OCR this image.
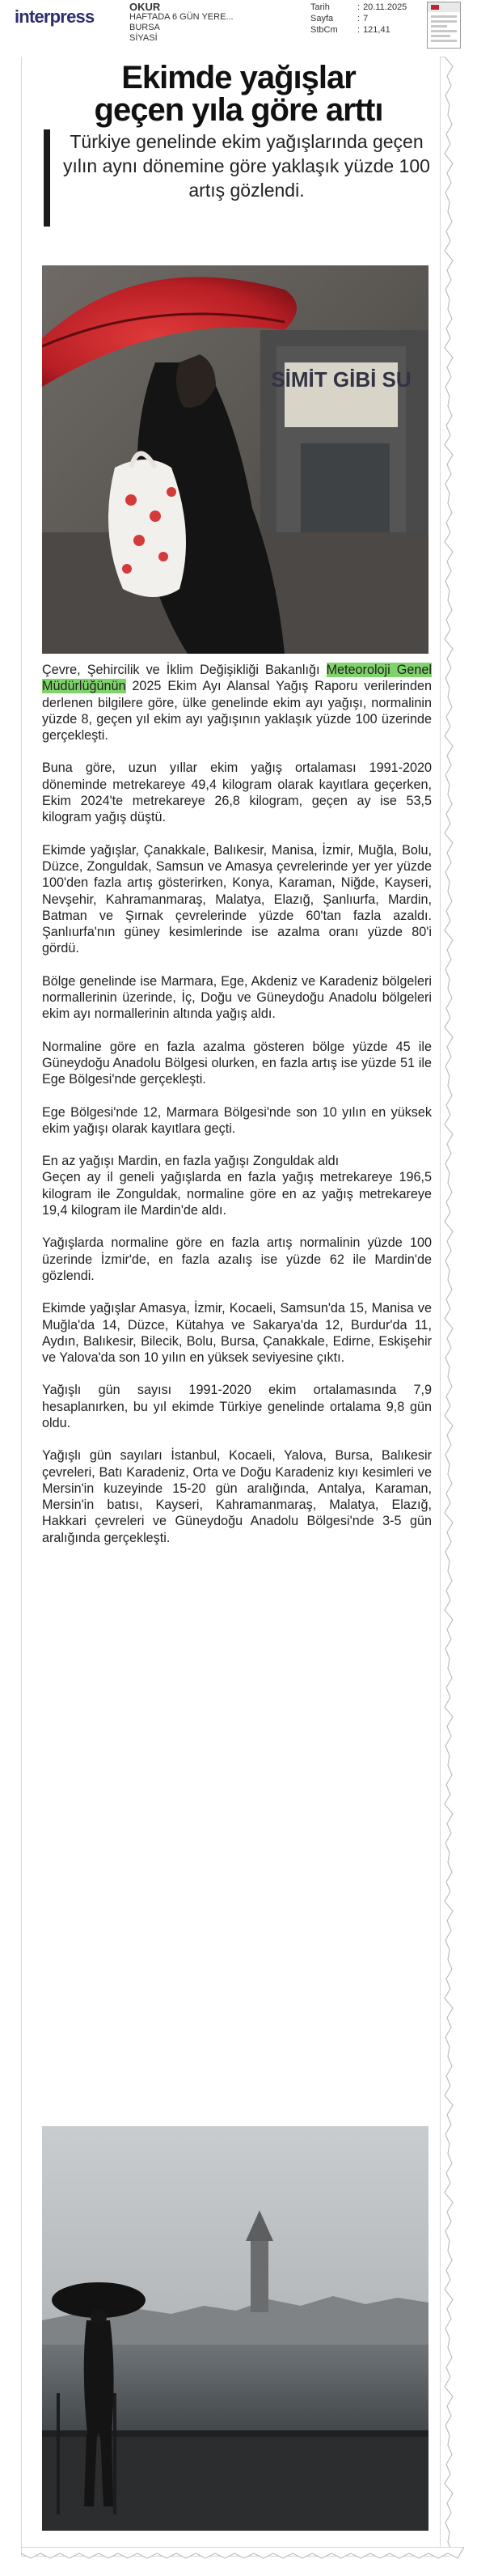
interpress	OKUR
HAFTADA 6 GÜN YERE...
BURSA
SİYASİ
Tarih	: 20.11.2025
Sayfa	: 7
StbCm	: 121,41
Ekimde yağışlar
geçen yıla göre arttı
Türkiye genelinde ekim yağışlarında geçen yılın aynı dönemine göre yaklaşık yüzde 100 artış gözlendi.
SİMİT GİBİ SU

Çevre, Şehircilik ve İklim Değişikliği Bakanlığı Meteoroloji Genel Müdürlüğünün 2025 Ekim Ayı Alansal Yağış Raporu verilerinden derlenen bilgilere göre, ülke genelinde ekim ayı yağışı, normalinin yüzde 8, geçen yıl ekim ayı yağışının yaklaşık yüzde 100 üzerinde gerçekleşti.

Buna göre, uzun yıllar ekim yağış ortalaması 1991-2020 döneminde metrekareye 49,4 kilogram olarak kayıtlara geçerken, Ekim 2024'te metrekareye 26,8 kilogram, geçen ay ise 53,5 kilogram yağış düştü.

Ekimde yağışlar, Çanakkale, Balıkesir, Manisa, İzmir, Muğla, Bolu, Düzce, Zonguldak, Samsun ve Amasya çevrelerinde yer yer yüzde 100'den fazla artış gösterirken, Konya, Karaman, Niğde, Kayseri, Nevşehir, Kahramanmaraş, Malatya, Elazığ, Şanlıurfa, Mardin, Batman ve Şırnak çevrelerinde yüzde 60'tan fazla azaldı. Şanlıurfa'nın güney kesimlerinde ise azalma oranı yüzde 80'i gördü.

Bölge genelinde ise Marmara, Ege, Akdeniz ve Karadeniz bölgeleri normallerinin üzerinde, İç, Doğu ve Güneydoğu Anadolu bölgeleri ekim ayı normallerinin altında yağış aldı.

Normaline göre en fazla azalma gösteren bölge yüzde 45 ile Güneydoğu Anadolu Bölgesi olurken, en fazla artış ise yüzde 51 ile Ege Bölgesi'nde gerçekleşti.

Ege Bölgesi'nde 12, Marmara Bölgesi'nde son 10 yılın en yüksek ekim yağışı olarak kayıtlara geçti.

En az yağışı Mardin, en fazla yağışı Zonguldak aldı
Geçen ay il geneli yağışlarda en fazla yağış metrekareye 196,5 kilogram ile Zonguldak, normaline göre en az yağış metrekareye 19,4 kilogram ile Mardin'de aldı.

Yağışlarda normaline göre en fazla artış normalinin yüzde 100 üzerinde İzmir'de, en fazla azalış ise yüzde 62 ile Mardin'de gözlendi.

Ekimde yağışlar Amasya, İzmir, Kocaeli, Samsun'da 15, Manisa ve Muğla'da 14, Düzce, Kütahya ve Sakarya'da 12, Burdur'da 11, Aydın, Balıkesir, Bilecik, Bolu, Bursa, Çanakkale, Edirne, Eskişehir ve Yalova'da son 10 yılın en yüksek seviyesine çıktı.

Yağışlı gün sayısı 1991-2020 ekim ortalamasında 7,9 hesaplanırken, bu yıl ekimde Türkiye genelinde ortalama 9,8 gün oldu.

Yağışlı gün sayıları İstanbul, Kocaeli, Yalova, Bursa, Balıkesir çevreleri, Batı Karadeniz, Orta ve Doğu Karadeniz kıyı kesimleri ve Mersin'in kuzeyinde 15-20 gün aralığında, Antalya, Karaman, Mersin'in batısı, Kayseri, Kahramanmaraş, Malatya, Elazığ, Hakkari çevreleri ve Güneydoğu Anadolu Bölgesi'nde 3-5 gün aralığında gerçekleşti.
